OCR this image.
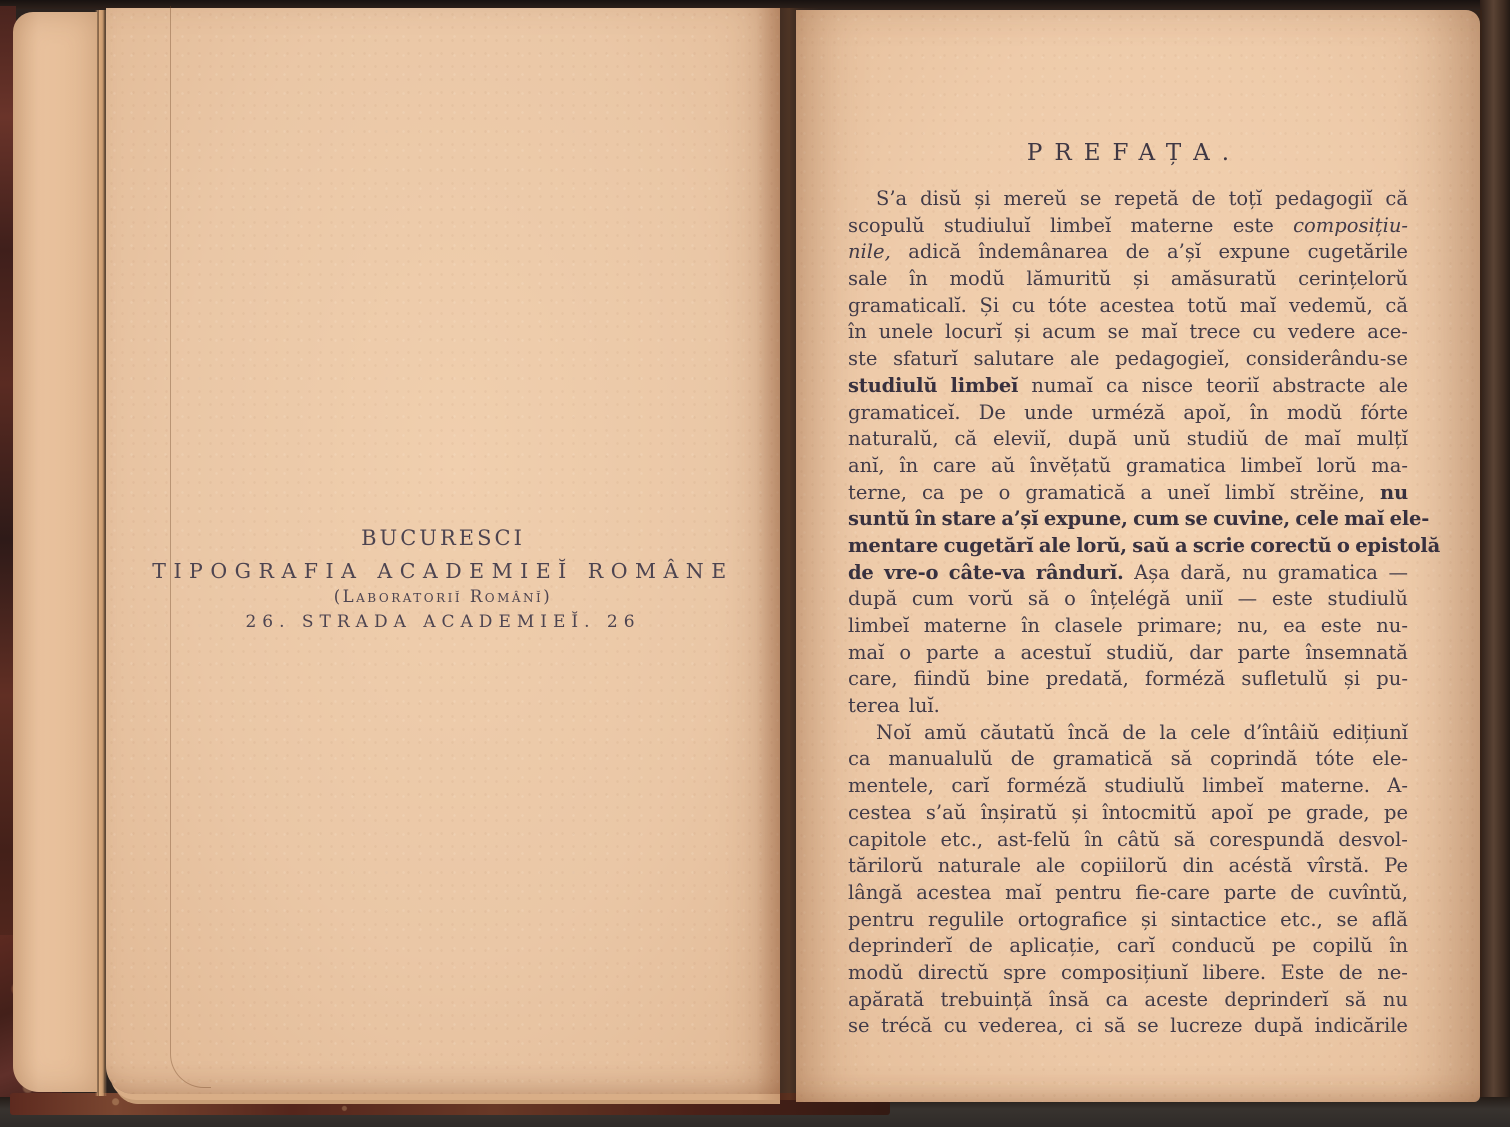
BUCURESCI
TIPOGRAFIA ACADEMIEĬ ROMÂNE
(Laboratoriĭ Românĭ)
26. STRADA ACADEMIEĬ. 26
PREFAȚA.
S’a disŭ și mereŭ se repetă de toțĭ pedagogiĭ că
scopulŭ studiuluĭ limbeĭ materne este composițiu-
nile, adică îndemânarea de a’șĭ expune cugetările
sale în modŭ lămuritŭ și amăsuratŭ cerințelorŭ
gramaticalĭ. Și cu tóte acestea totŭ maĭ vedemŭ, că
în unele locurĭ și acum se maĭ trece cu vedere ace-
ste sfaturĭ salutare ale pedagogieĭ, considerându-se
studiulŭ limbeĭ numaĭ ca nisce teoriĭ abstracte ale
gramaticeĭ. De unde urméză apoĭ, în modŭ fórte
naturalŭ, că eleviĭ, după unŭ studiŭ de maĭ mulțĭ
anĭ, în care aŭ învĕțatŭ gramatica limbeĭ lorŭ ma-
terne, ca pe o gramatică a uneĭ limbĭ strĕine, nu
suntŭ în stare a’șĭ expune, cum se cuvine, cele maĭ ele-
mentare cugetărĭ ale lorŭ, saŭ a scrie corectŭ o epistolă
de vre-o câte-va rândurĭ. Așa dară, nu gramatica —
după cum vorŭ să o înțelégă uniĭ — este studiulŭ
limbeĭ materne în clasele primare; nu, ea este nu-
maĭ o parte a acestuĭ studiŭ, dar parte însemnată
care, fiindŭ bine predată, forméză sufletulŭ și pu-
terea luĭ.
Noĭ amŭ căutatŭ încă de la cele d’întâiŭ edițiunĭ
ca manualulŭ de gramatică să coprindă tóte ele-
mentele, carĭ forméză studiulŭ limbeĭ materne. A-
cestea s’aŭ înșiratŭ și întocmitŭ apoĭ pe grade, pe
capitole etc., ast-felŭ în câtŭ să corespundă desvol-
tărilorŭ naturale ale copiilorŭ din acéstă vîrstă. Pe
lângă acestea maĭ pentru fie-care parte de cuvîntŭ,
pentru regulile ortografice și sintactice etc., se află
deprinderĭ de aplicație, carĭ conducŭ pe copilŭ în
modŭ directŭ spre composițiunĭ libere. Este de ne-
apărată trebuință însă ca aceste deprinderĭ să nu
se trécă cu vederea, ci să se lucreze după indicările
